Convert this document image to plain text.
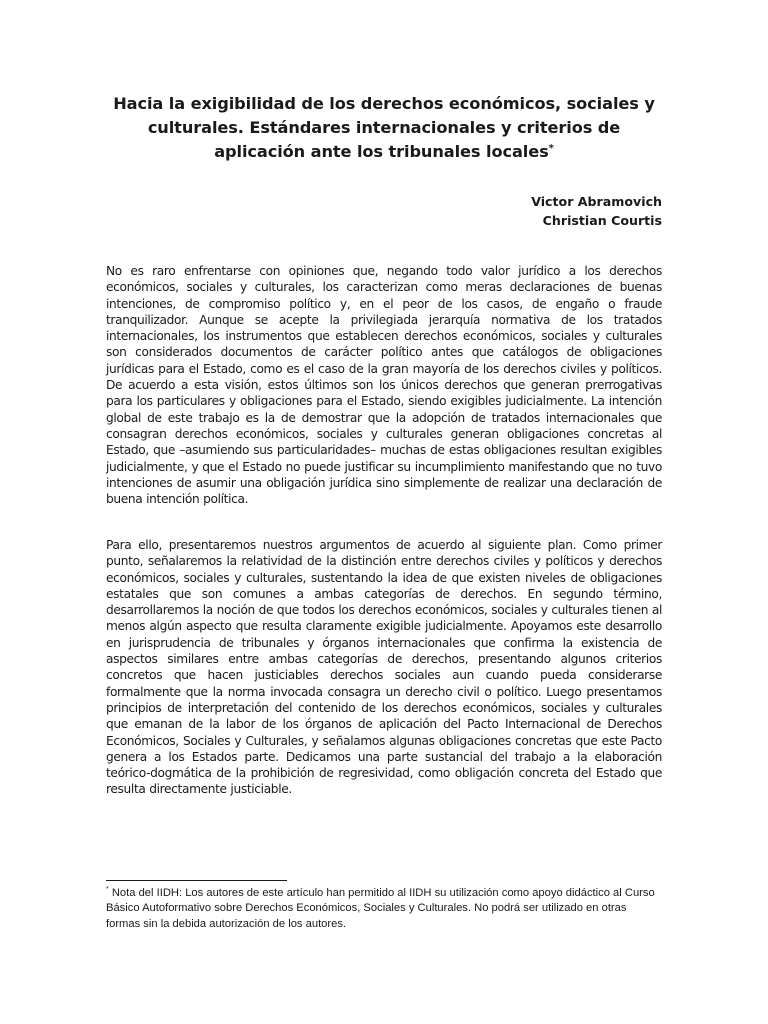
Hacia la exigibilidad de los derechos económicos, sociales y culturales. Estándares internacionales y criterios de aplicación ante los tribunales locales*
Victor Abramovich
Christian Courtis

No es raro enfrentarse con opiniones que, negando todo valor jurídico a los derechos económicos, sociales y culturales, los caracterizan como meras declaraciones de buenas intenciones, de compromiso político y, en el peor de los casos, de engaño o fraude tranquilizador. Aunque se acepte la privilegiada jerarquía normativa de los tratados internacionales, los instrumentos que establecen derechos económicos, sociales y culturales son considerados documentos de carácter político antes que catálogos de obligaciones jurídicas para el Estado, como es el caso de la gran mayoría de los derechos civiles y políticos. De acuerdo a esta visión, estos últimos son los únicos derechos que generan prerrogativas para los particulares y obligaciones para el Estado, siendo exigibles judicialmente. La intención global de este trabajo es la de demostrar que la adopción de tratados internacionales que consagran derechos económicos, sociales y culturales generan obligaciones concretas al Estado, que –asumiendo sus particularidades– muchas de estas obligaciones resultan exigibles judicialmente, y que el Estado no puede justificar su incumplimiento manifestando que no tuvo intenciones de asumir una obligación jurídica sino simplemente de realizar una declaración de buena intención política.

Para ello, presentaremos nuestros argumentos de acuerdo al siguiente plan. Como primer punto, señalaremos la relatividad de la distinción entre derechos civiles y políticos y derechos económicos, sociales y culturales, sustentando la idea de que existen niveles de obligaciones estatales que son comunes a ambas categorías de derechos. En segundo término, desarrollaremos la noción de que todos los derechos económicos, sociales y culturales tienen al menos algún aspecto que resulta claramente exigible judicialmente. Apoyamos este desarrollo en jurisprudencia de tribunales y órganos internacionales que confirma la existencia de aspectos similares entre ambas categorías de derechos, presentando algunos criterios concretos que hacen justiciables derechos sociales aun cuando pueda considerarse formalmente que la norma invocada consagra un derecho civil o político. Luego presentamos principios de interpretación del contenido de los derechos económicos, sociales y culturales que emanan de la labor de los órganos de aplicación del Pacto Internacional de Derechos Económicos, Sociales y Culturales, y señalamos algunas obligaciones concretas que este Pacto genera a los Estados parte. Dedicamos una parte sustancial del trabajo a la elaboración teórico-dogmática de la prohibición de regresividad, como obligación concreta del Estado que resulta directamente justiciable.

* Nota del IIDH: Los autores de este artículo han permitido al IIDH su utilización como apoyo didáctico al Curso Básico Autoformativo sobre Derechos Económicos, Sociales y Culturales. No podrá ser utilizado en otras formas sin la debida autorización de los autores.
